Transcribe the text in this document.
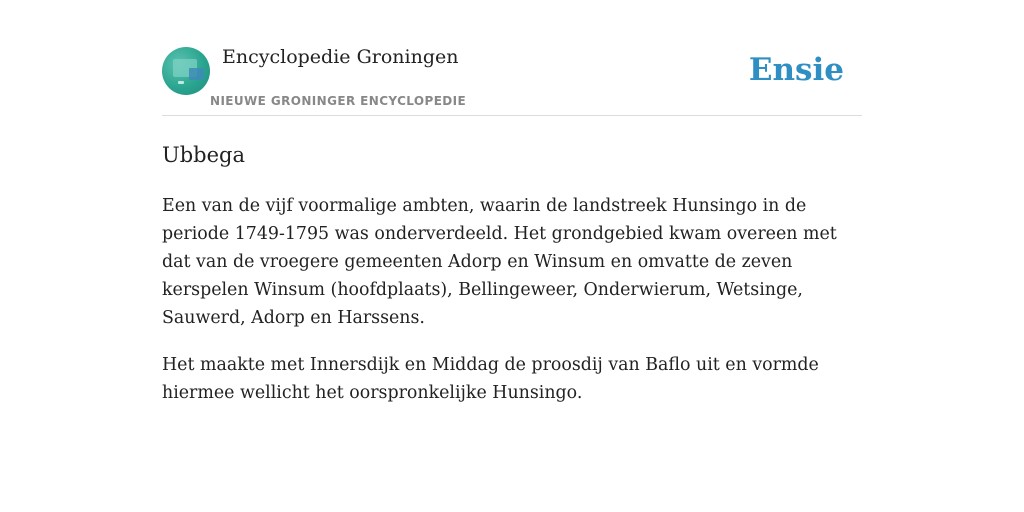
Encyclopedie Groningen
NIEUWE GRONINGER ENCYCLOPEDIE
Ensie
Ubbega

Een van de vijf voormalige ambten, waarin de landstreek Hunsingo in de periode 1749-1795 was onderverdeeld. Het grondgebied kwam overeen met dat van de vroegere gemeenten Adorp en Winsum en omvatte de zeven kerspelen Winsum (hoofdplaats), Bellingeweer, Onderwierum, Wetsinge, Sauwerd, Adorp en Harssens.

Het maakte met Innersdijk en Middag de proosdij van Baflo uit en vormde hiermee wellicht het oorspronkelijke Hunsingo.
